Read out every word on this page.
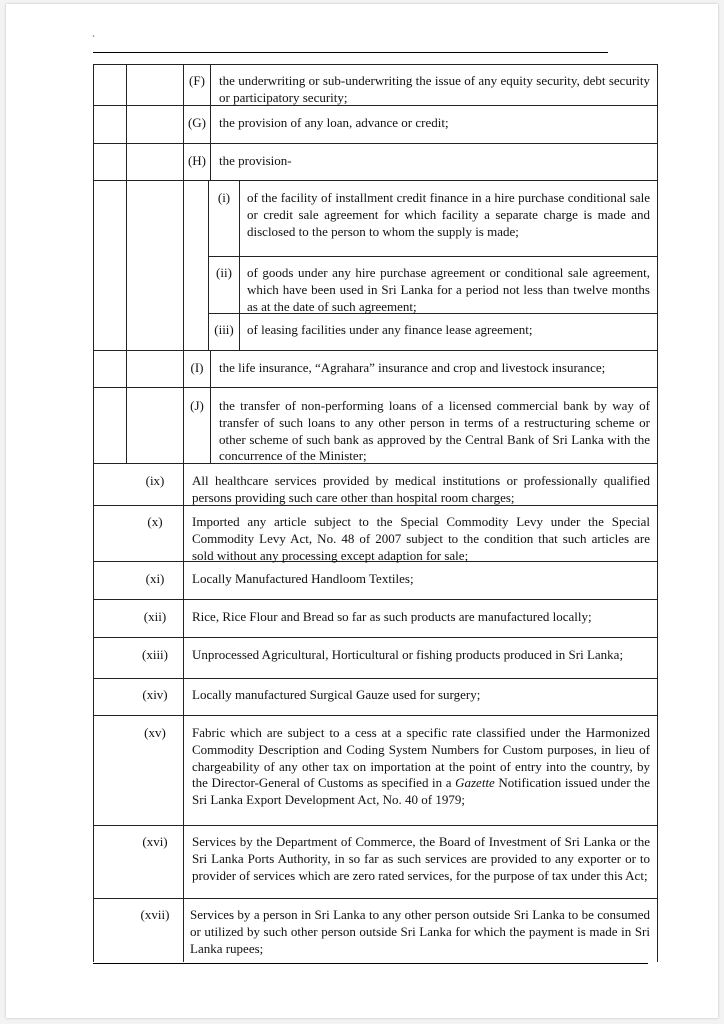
`
(F)
(G)
(H)
(i)
(ii)
(iii)
(I)
(J)
(ix)
(x)
(xi)
(xii)
(xiii)
(xiv)
(xv)
(xvi)
(xvii)
the underwriting or sub-underwriting the issue of any equity security, debt security or participatory security;
the provision of any loan, advance or credit;
the provision-
of the facility of installment credit finance in a hire purchase conditional sale or credit sale agreement for which facility a separate charge is made and disclosed to the person to whom the supply is made;
of goods under any hire purchase agreement or conditional sale agreement, which have been used in Sri Lanka for a period not less than twelve months as at the date of such agreement;
of leasing facilities under any finance lease agreement;
the life insurance, “Agrahara” insurance and crop and livestock insurance;
the transfer of non-performing loans of a licensed commercial bank by way of transfer of such loans to any other person in terms of a restructuring scheme or other scheme of such bank as approved by the Central Bank of Sri Lanka with the concurrence of the Minister;
All healthcare services provided by medical institutions or professionally qualified persons providing such care other than hospital room charges;
Imported any article subject to the Special Commodity Levy under the Special Commodity Levy Act, No. 48 of 2007 subject to the condition that such articles are sold without any processing except adaption for sale;
Locally Manufactured Handloom Textiles;
Rice, Rice Flour and Bread so far as such products are manufactured locally;
Unprocessed Agricultural, Horticultural or fishing products produced in Sri Lanka;
Locally manufactured Surgical Gauze used for surgery;
Fabric which are subject to a cess at a specific rate classified under the Harmonized Commodity Description and Coding System Numbers for Custom purposes, in lieu of chargeability of any other tax on importation at the point of entry into the country, by the Director-General of Customs as specified in a Gazette Notification issued under the Sri Lanka Export Development Act, No. 40 of 1979;
Services by the Department of Commerce, the Board of Investment of Sri Lanka or the Sri Lanka Ports Authority, in so far as such services are provided to any exporter or to provider of services which are zero rated services, for the purpose of tax under this Act;
Services by a person in Sri Lanka to any other person outside Sri Lanka to be consumed or utilized by such other person outside Sri Lanka for which the payment is made in Sri Lanka rupees;
